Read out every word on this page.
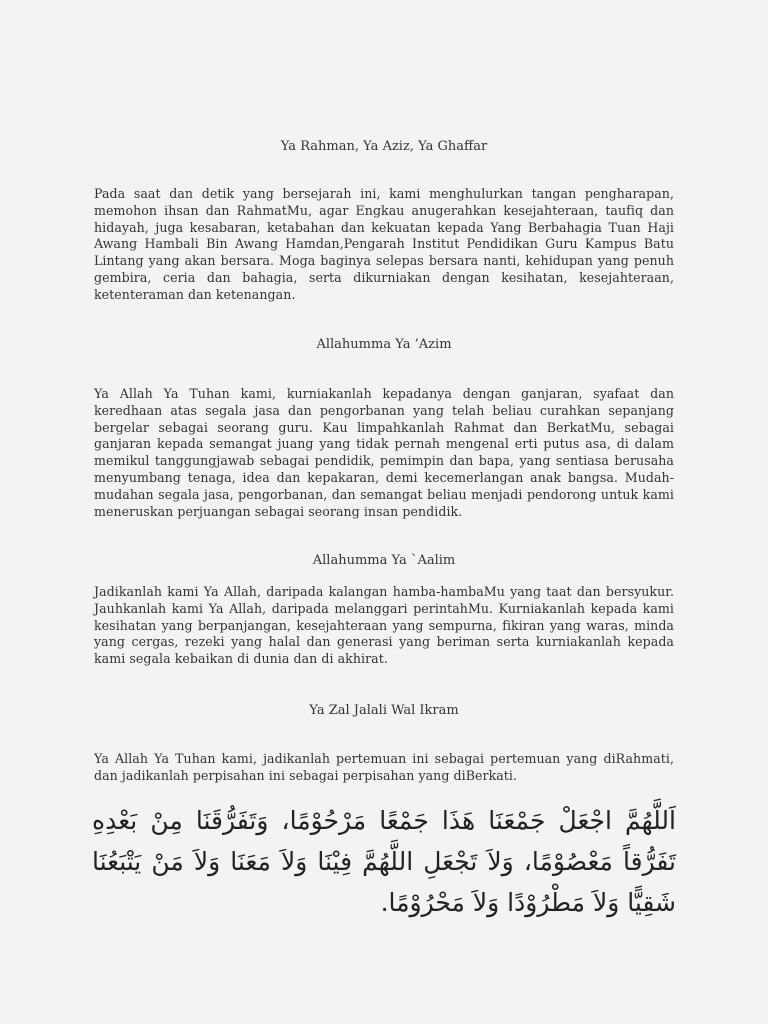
Ya Rahman, Ya Aziz, Ya Ghaffar
Pada saat dan detik yang bersejarah ini, kami menghulurkan tangan pengharapan, memohon ihsan dan RahmatMu, agar Engkau anugerahkan kesejahteraan, taufiq dan hidayah, juga kesabaran, ketabahan dan kekuatan kepada Yang Berbahagia Tuan Haji Awang Hambali Bin Awang Hamdan,Pengarah Institut Pendidikan Guru Kampus Batu Lintang yang akan bersara. Moga baginya selepas bersara nanti, kehidupan yang penuh gembira, ceria dan bahagia, serta dikurniakan dengan kesihatan, kesejahteraan, ketenteraman dan ketenangan.
Allahumma Ya ’Azim
Ya Allah Ya Tuhan kami, kurniakanlah kepadanya dengan ganjaran, syafaat dan keredhaan atas segala jasa dan pengorbanan yang telah beliau curahkan sepanjang bergelar sebagai seorang guru. Kau limpahkanlah Rahmat dan BerkatMu, sebagai ganjaran kepada semangat juang yang tidak pernah mengenal erti putus asa, di dalam memikul tanggungjawab sebagai pendidik, pemimpin dan bapa, yang sentiasa berusaha menyumbang tenaga, idea dan kepakaran, demi kecemerlangan anak bangsa. Mudah-mudahan segala jasa, pengorbanan, dan semangat beliau menjadi pendorong untuk kami meneruskan perjuangan sebagai seorang insan pendidik.
Allahumma Ya `Aalim
Jadikanlah kami Ya Allah, daripada kalangan hamba-hambaMu yang taat dan bersyukur. Jauhkanlah kami Ya Allah, daripada melanggari perintahMu. Kurniakanlah kepada kami kesihatan yang berpanjangan, kesejahteraan yang sempurna, fikiran yang waras, minda yang cergas, rezeki yang halal dan generasi yang beriman serta kurniakanlah kepada kami segala kebaikan di dunia dan di akhirat.
Ya Zal Jalali Wal Ikram
Ya Allah Ya Tuhan kami, jadikanlah pertemuan ini sebagai pertemuan yang diRahmati, dan jadikanlah perpisahan ini sebagai perpisahan yang diBerkati.
اَللَّهُمَّ اجْعَلْ جَمْعَنَا هَذَا جَمْعًا مَرْحُوْمًا، وَتَفَرُّقَنَا مِنْ بَعْدِهِ تَفَرُّقاً مَعْصُوْمًا، وَلاَ تَجْعَلِ اللَّهُمَّ فِيْنَا وَلاَ مَعَنَا وَلاَ مَنْ يَتْبَعُنَا شَقِيًّا وَلاَ مَطْرُوْدًا وَلاَ مَحْرُوْمًا.
